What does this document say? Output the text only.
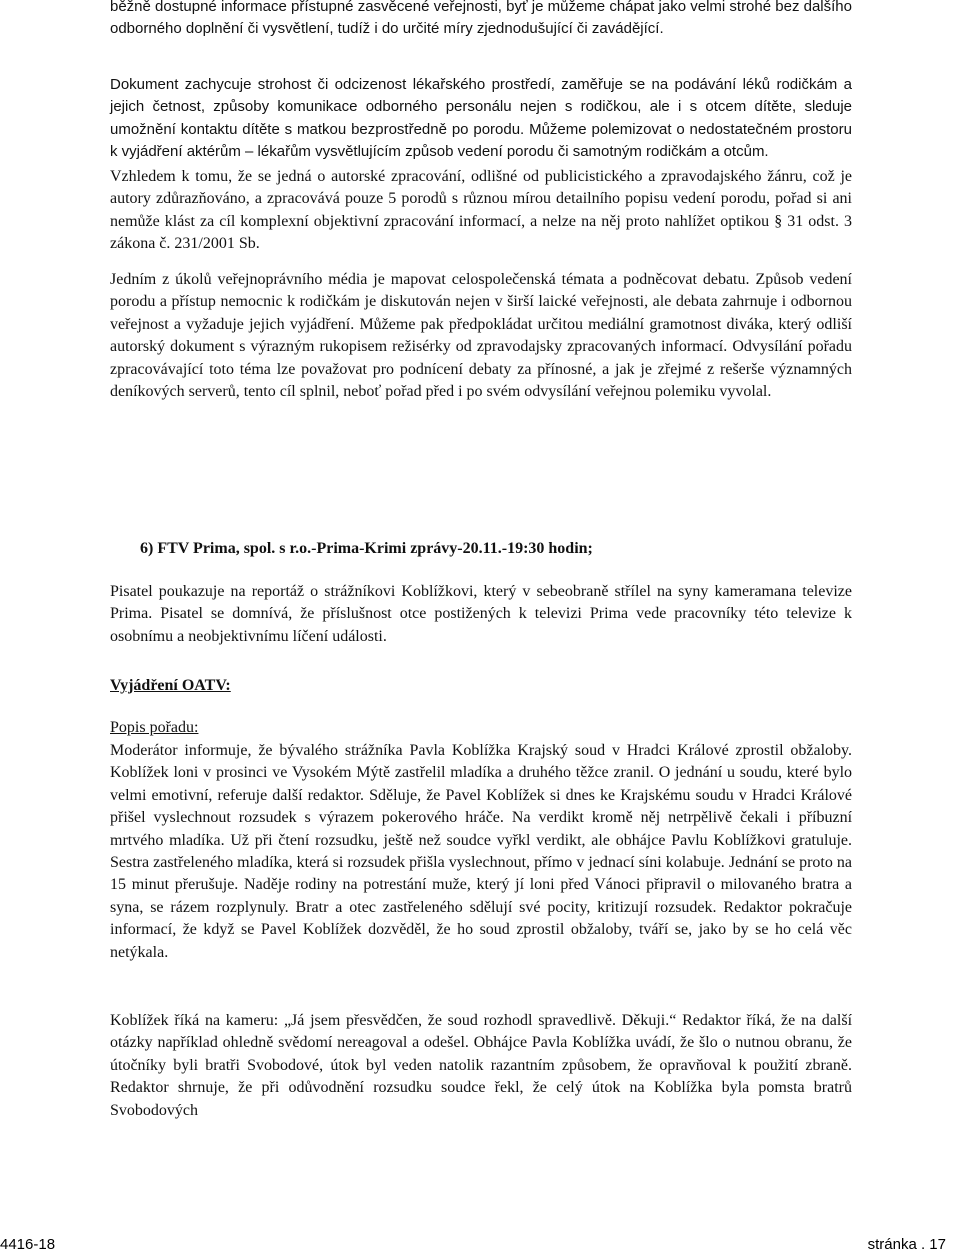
běžně dostupné informace přístupné zasvěcené veřejnosti, byť je můžeme chápat jako velmi strohé bez dalšího odborného doplnění či vysvětlení, tudíž i do určité míry zjednodušující či zavádějící.

Dokument zachycuje strohost či odcizenost lékařského prostředí, zaměřuje se na podávání léků rodičkám a jejich četnost, způsoby komunikace odborného personálu nejen s rodičkou, ale i s otcem dítěte, sleduje umožnění kontaktu dítěte s matkou bezprostředně po porodu. Můžeme polemizovat o nedostatečném prostoru k vyjádření aktérům – lékařům vysvětlujícím způsob vedení porodu či samotným rodičkám a otcům.

Vzhledem k tomu, že se jedná o autorské zpracování, odlišné od publicistického a zpravodajského žánru, což je autory zdůrazňováno, a zpracovává pouze 5 porodů s různou mírou detailního popisu vedení porodu, pořad si ani nemůže klást za cíl komplexní objektivní zpracování informací, a nelze na něj proto nahlížet optikou § 31 odst. 3 zákona č. 231/2001 Sb.

Jedním z úkolů veřejnoprávního média je mapovat celospolečenská témata a podněcovat debatu. Způsob vedení porodu a přístup nemocnic k rodičkám je diskutován nejen v širší laické veřejnosti, ale debata zahrnuje i odbornou veřejnost a vyžaduje jejich vyjádření. Můžeme pak předpokládat určitou mediální gramotnost diváka, který odliší autorský dokument s výrazným rukopisem režisérky od zpravodajsky zpracovaných informací. Odvysílání pořadu zpracovávající toto téma lze považovat pro podnícení debaty za přínosné, a jak je zřejmé z rešerše významných deníkových serverů, tento cíl splnil, neboť pořad před i po svém odvysílání veřejnou polemiku vyvolal.

6) FTV Prima, spol. s r.o.-Prima-Krimi zprávy-20.11.-19:30 hodin;

Pisatel poukazuje na reportáž o strážníkovi Koblížkovi, který v sebeobraně střílel na syny kameramana televize Prima. Pisatel se domnívá, že příslušnost otce postižených k televizi Prima vede pracovníky této televize k osobnímu a neobjektivnímu líčení události.

Vyjádření OATV:
Popis pořadu:

Moderátor informuje, že bývalého strážníka Pavla Koblížka Krajský soud v Hradci Králové zprostil obžaloby. Koblížek loni v prosinci ve Vysokém Mýtě zastřelil mladíka a druhého těžce zranil. O jednání u soudu, které bylo velmi emotivní, referuje další redaktor. Sděluje, že Pavel Koblížek si dnes ke Krajskému soudu v Hradci Králové přišel vyslechnout rozsudek s výrazem pokerového hráče. Na verdikt kromě něj netrpělivě čekali i příbuzní mrtvého mladíka. Už při čtení rozsudku, ještě než soudce vyřkl verdikt, ale obhájce Pavlu Koblížkovi gratuluje. Sestra zastřeleného mladíka, která si rozsudek přišla vyslechnout, přímo v jednací síni kolabuje. Jednání se proto na 15 minut přerušuje. Naděje rodiny na potrestání muže, který jí loni před Vánoci připravil o milovaného bratra a syna, se rázem rozplynuly. Bratr a otec zastřeleného sdělují své pocity, kritizují rozsudek. Redaktor pokračuje informací, že když se Pavel Koblížek dozvěděl, že ho soud zprostil obžaloby, tváří se, jako by se ho celá věc netýkala.

Koblížek říká na kameru: „Já jsem přesvědčen, že soud rozhodl spravedlivě. Děkuji.“ Redaktor říká, že na další otázky například ohledně svědomí nereagoval a odešel. Obhájce Pavla Koblížka uvádí, že šlo o nutnou obranu, že útočníky byli bratři Svobodové, útok byl veden natolik razantním způsobem, že opravňoval k použití zbraně. Redaktor shrnuje, že při odůvodnění rozsudku soudce řekl, že celý útok na Koblížka byla pomsta bratrů Svobodových

4416-18	stránka . 17
